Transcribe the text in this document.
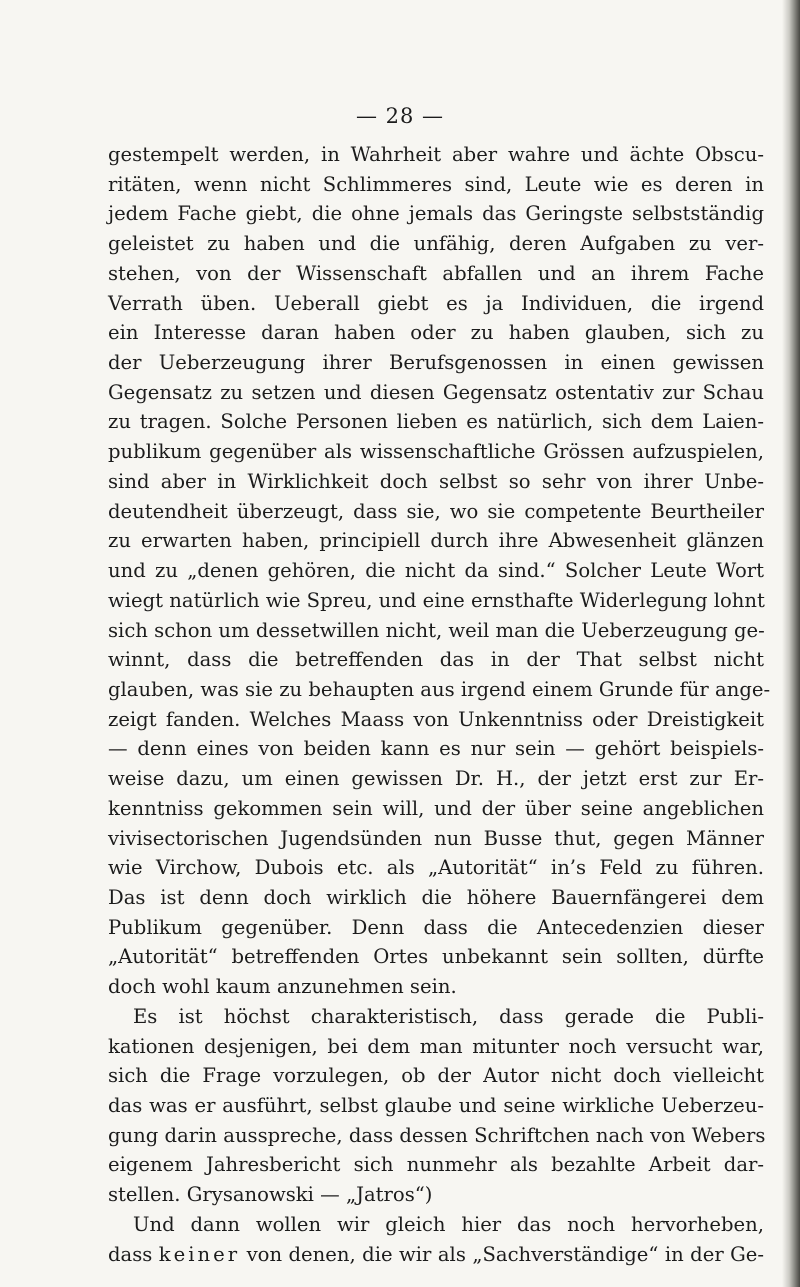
— 28 —
gestempelt werden, in Wahrheit aber wahre und ächte Obscu-
ritäten, wenn nicht Schlimmeres sind, Leute wie es deren in
jedem Fache giebt, die ohne jemals das Geringste selbstständig
geleistet zu haben und die unfähig, deren Aufgaben zu ver-
stehen, von der Wissenschaft abfallen und an ihrem Fache
Verrath üben. Ueberall giebt es ja Individuen, die irgend
ein Interesse daran haben oder zu haben glauben, sich zu
der Ueberzeugung ihrer Berufsgenossen in einen gewissen
Gegensatz zu setzen und diesen Gegensatz ostentativ zur Schau
zu tragen. Solche Personen lieben es natürlich, sich dem Laien-
publikum gegenüber als wissenschaftliche Grössen aufzuspielen,
sind aber in Wirklichkeit doch selbst so sehr von ihrer Unbe-
deutendheit überzeugt, dass sie, wo sie competente Beurtheiler
zu erwarten haben, principiell durch ihre Abwesenheit glänzen
und zu „denen gehören, die nicht da sind.“ Solcher Leute Wort
wiegt natürlich wie Spreu, und eine ernsthafte Widerlegung lohnt
sich schon um dessetwillen nicht, weil man die Ueberzeugung ge-
winnt, dass die betreffenden das in der That selbst nicht
glauben, was sie zu behaupten aus irgend einem Grunde für ange-
zeigt fanden. Welches Maass von Unkenntniss oder Dreistigkeit
— denn eines von beiden kann es nur sein — gehört beispiels-
weise dazu, um einen gewissen Dr. H., der jetzt erst zur Er-
kenntniss gekommen sein will, und der über seine angeblichen
vivisectorischen Jugendsünden nun Busse thut, gegen Männer
wie Virchow, Dubois etc. als „Autorität“ in’s Feld zu führen.
Das ist denn doch wirklich die höhere Bauernfängerei dem
Publikum gegenüber. Denn dass die Antecedenzien dieser
„Autorität“ betreffenden Ortes unbekannt sein sollten, dürfte
doch wohl kaum anzunehmen sein.
Es ist höchst charakteristisch, dass gerade die Publi-
kationen desjenigen, bei dem man mitunter noch versucht war,
sich die Frage vorzulegen, ob der Autor nicht doch vielleicht
das was er ausführt, selbst glaube und seine wirkliche Ueberzeu-
gung darin ausspreche, dass dessen Schriftchen nach von Webers
eigenem Jahresbericht sich nunmehr als bezahlte Arbeit dar-
stellen. Grysanowski — „Jatros“)
Und dann wollen wir gleich hier das noch hervorheben,
dass keiner von denen, die wir als „Sachverständige“ in der Ge-
